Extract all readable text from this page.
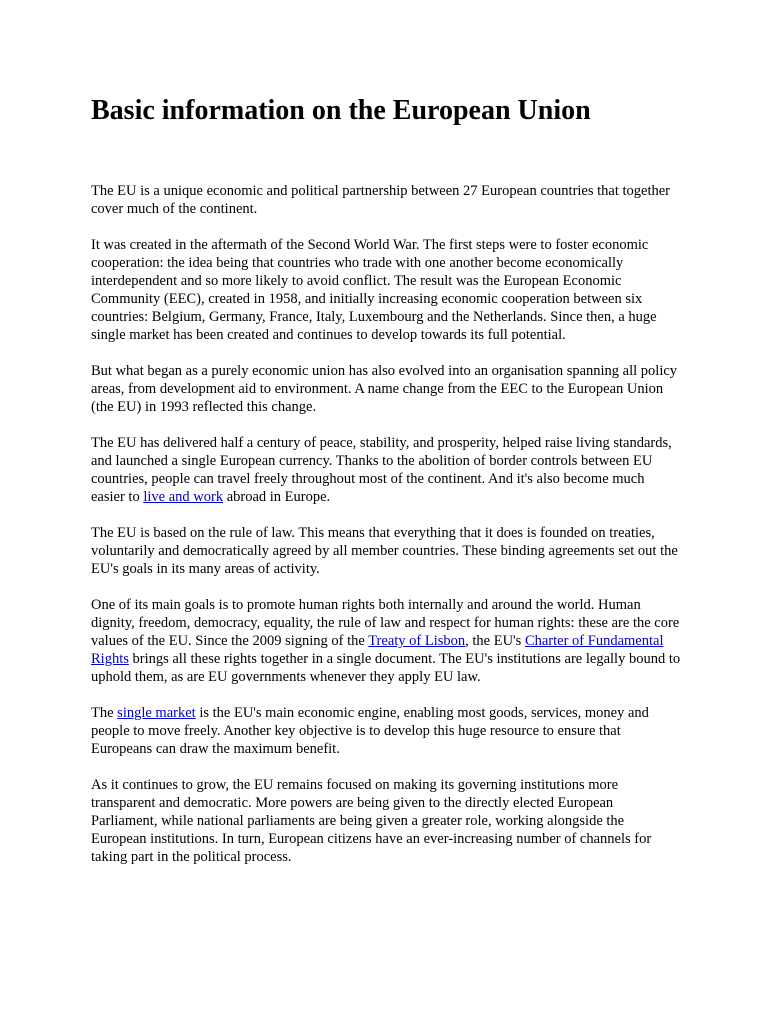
Basic information on the European Union

The EU is a unique economic and political partnership between 27 European countries that together cover much of the continent.

It was created in the aftermath of the Second World War. The first steps were to foster economic cooperation: the idea being that countries who trade with one another become economically interdependent and so more likely to avoid conflict. The result was the European Economic Community (EEC), created in 1958, and initially increasing economic cooperation between six countries: Belgium, Germany, France, Italy, Luxembourg and the Netherlands. Since then, a huge single market has been created and continues to develop towards its full potential.

But what began as a purely economic union has also evolved into an organisation spanning all policy areas, from development aid to environment. A name change from the EEC to the European Union (the EU) in 1993 reflected this change.

The EU has delivered half a century of peace, stability, and prosperity, helped raise living standards, and launched a single European currency. Thanks to the abolition of border controls between EU countries, people can travel freely throughout most of the continent. And it's also become much easier to live and work abroad in Europe.

The EU is based on the rule of law. This means that everything that it does is founded on treaties, voluntarily and democratically agreed by all member countries. These binding agreements set out the EU's goals in its many areas of activity.

One of its main goals is to promote human rights both internally and around the world. Human dignity, freedom, democracy, equality, the rule of law and respect for human rights: these are the core values of the EU. Since the 2009 signing of the Treaty of Lisbon, the EU's Charter of Fundamental Rights brings all these rights together in a single document. The EU's institutions are legally bound to uphold them, as are EU governments whenever they apply EU law.

The single market is the EU's main economic engine, enabling most goods, services, money and people to move freely. Another key objective is to develop this huge resource to ensure that Europeans can draw the maximum benefit.

As it continues to grow, the EU remains focused on making its governing institutions more transparent and democratic. More powers are being given to the directly elected European Parliament, while national parliaments are being given a greater role, working alongside the European institutions. In turn, European citizens have an ever-increasing number of channels for taking part in the political process.
